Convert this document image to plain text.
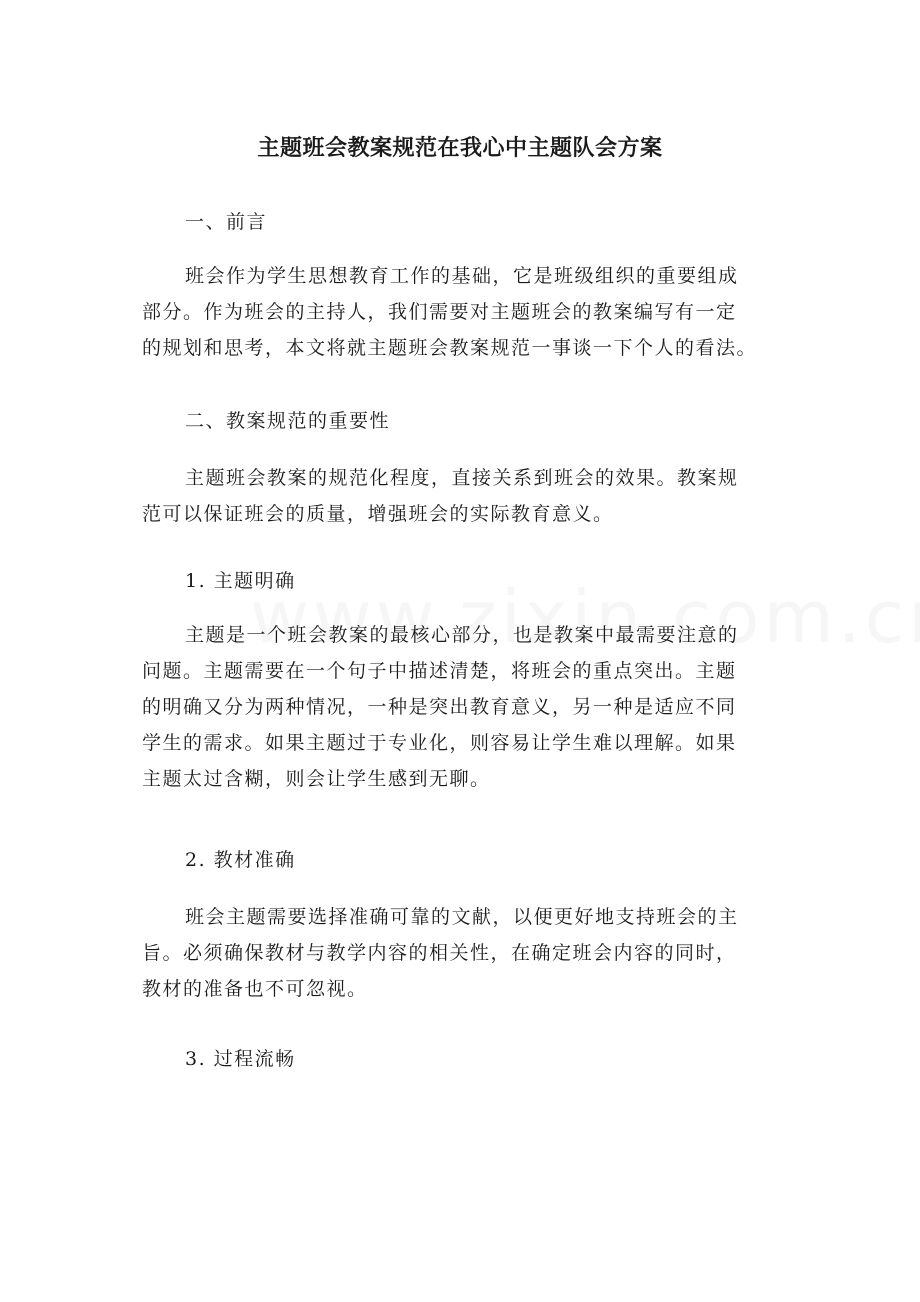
主题班会教案规范在我心中主题队会方案
一、前言
班会作为学生思想教育工作的基础，它是班级组织的重要组成
部分。作为班会的主持人，我们需要对主题班会的教案编写有一定
的规划和思考，本文将就主题班会教案规范一事谈一下个人的看法。
二、教案规范的重要性
主题班会教案的规范化程度，直接关系到班会的效果。教案规
范可以保证班会的质量，增强班会的实际教育意义。
1. 主题明确
主题是一个班会教案的最核心部分，也是教案中最需要注意的
问题。主题需要在一个句子中描述清楚，将班会的重点突出。主题
的明确又分为两种情况，一种是突出教育意义，另一种是适应不同
学生的需求。如果主题过于专业化，则容易让学生难以理解。如果
主题太过含糊，则会让学生感到无聊。
2. 教材准确
班会主题需要选择准确可靠的文献，以便更好地支持班会的主
旨。必须确保教材与教学内容的相关性，在确定班会内容的同时，
教材的准备也不可忽视。
3. 过程流畅
